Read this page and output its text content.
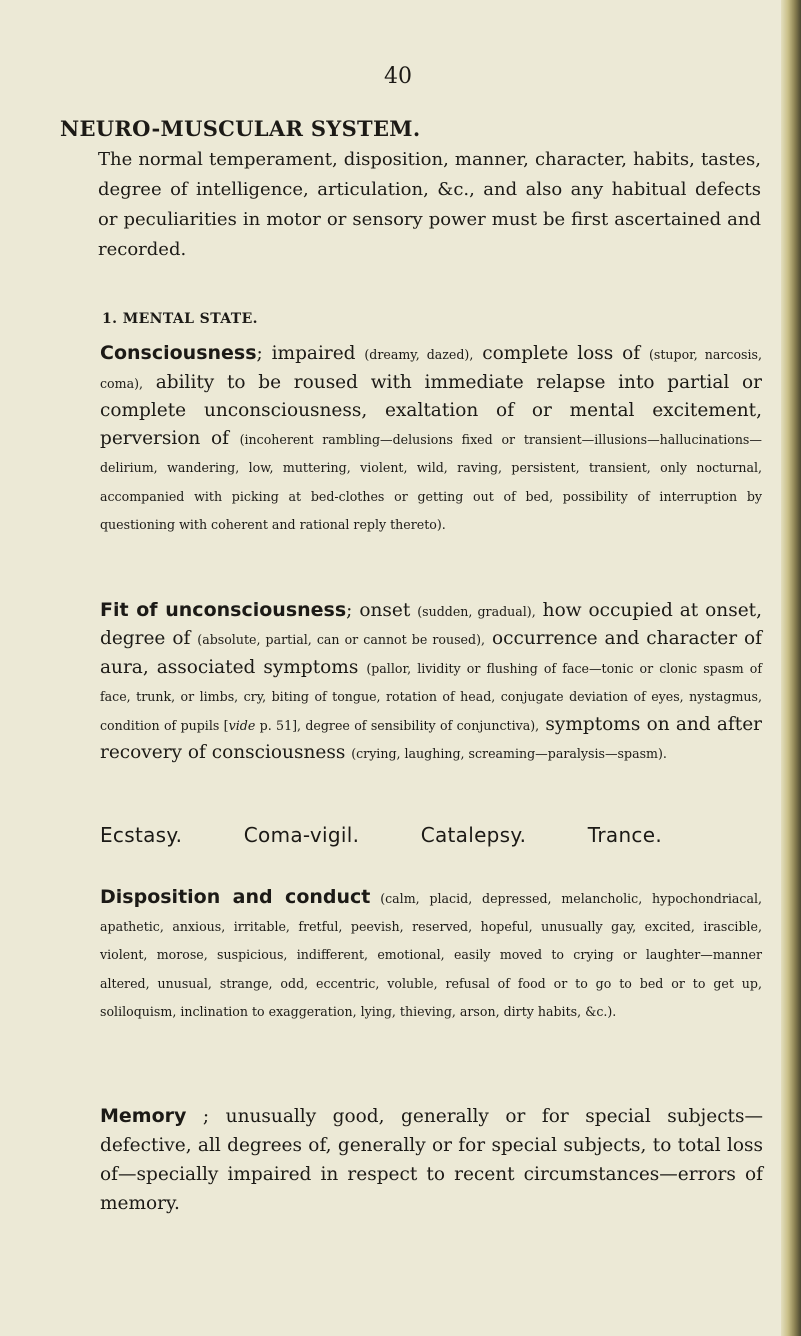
40
NEURO-MUSCULAR SYSTEM.
The normal temperament, disposition, manner, character, habits, tastes, degree of intelligence, articulation, &c., and also any habitual defects or peculiarities in motor or sensory power must be first ascertained and recorded.
1. MENTAL STATE.
Consciousness; impaired (dreamy, dazed), complete loss of (stupor, narcosis, coma), ability to be roused with immediate relapse into partial or complete unconsciousness, exaltation of or mental excitement, perversion of (incoherent rambling—delusions fixed or transient—illusions—hallucinations—delirium, wandering, low, muttering, violent, wild, raving, persistent, transient, only nocturnal, accompanied with picking at bed-clothes or getting out of bed, possibility of interruption by questioning with coherent and rational reply thereto).
Fit of unconsciousness; onset (sudden, gradual), how occupied at onset, degree of (absolute, partial, can or cannot be roused), occurrence and character of aura, associated symptoms (pallor, lividity or flushing of face—tonic or clonic spasm of face, trunk, or limbs, cry, biting of tongue, rotation of head, conjugate deviation of eyes, nystagmus, condition of pupils [vide p. 51], degree of sensibility of conjunctiva), symptoms on and after recovery of consciousness (crying, laughing, screaming—paralysis—spasm).
Ecstasy.	Coma-vigil.	Catalepsy.	Trance.
Disposition and conduct (calm, placid, depressed, melancholic, hypochondriacal, apathetic, anxious, irritable, fretful, peevish, reserved, hopeful, unusually gay, excited, irascible, violent, morose, suspicious, indifferent, emotional, easily moved to crying or laughter—manner altered, unusual, strange, odd, eccentric, voluble, refusal of food or to go to bed or to get up, soliloquism, inclination to exaggeration, lying, thieving, arson, dirty habits, &c.).
Memory ; unusually good, generally or for special subjects—defective, all degrees of, generally or for special subjects, to total loss of—specially impaired in respect to recent circumstances—errors of memory.
